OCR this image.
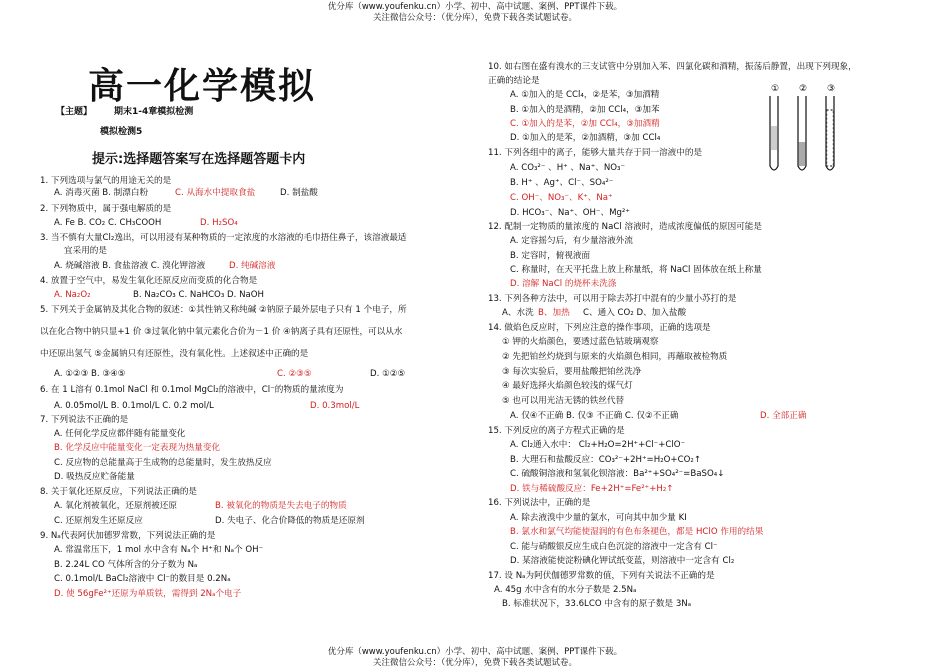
优分库（www.youfenku.cn）小学、初中、高中试题、案例、PPT课件下载。
关注微信公众号：（优分库），免费下载各类试题试卷。
高一化学模拟
【主题】 期末1-4章模拟检测
模拟检测5
提示:选择题答案写在选择题答题卡内
1. 下列选项与氯气的用途无关的是
A. 消毒灭菌 B. 制漂白粉	C. 从海水中提取食盐	D. 制盐酸
2. 下列物质中，属于强电解质的是
A. Fe B. CO₂ C. CH₃COOH	D. H₂SO₄
3. 当不慎有大量Cl₂逸出，可以用浸有某种物质的一定浓度的水溶液的毛巾捂住鼻子，该溶液最适
宜采用的是
A. 烧碱溶液 B. 食盐溶液 C. 溴化钾溶液	D. 纯碱溶液
4. 放置于空气中，易发生氧化还原反应而变质的化合物是
A. Na₂O₂	B. Na₂CO₃ C. NaHCO₃ D. NaOH
5. 下列关于金属钠及其化合物的叙述：①其性钠又称纯碱 ②钠原子最外层电子只有 1 个电子，所
以在化合物中钠只显+1 价 ③过氧化钠中氧元素化合价为－1 价 ④钠离子具有还原性，可以从水
中还原出氢气 ⑤金属钠只有还原性，没有氧化性。上述叙述中正确的是
A. ①②③ B. ③④⑤	C. ②③⑤	D. ①②⑤
6. 在 1 L溶有 0.1mol NaCl 和 0.1mol MgCl₂的溶液中，Cl⁻的物质的量浓度为
A. 0.05mol/L B. 0.1mol/L C. 0.2 mol/L	D. 0.3mol/L
7. 下列说法不正确的是
A. 任何化学反应都伴随有能量变化
B. 化学反应中能量变化一定表现为热量变化
C. 反应物的总能量高于生成物的总能量时，发生放热反应
D. 吸热反应贮备能量
8. 关于氧化还原反应，下列说法正确的是
A. 氧化剂被氧化，还原剂被还原	B. 被氧化的物质是失去电子的物质
C. 还原剂发生还原反应	D. 失电子、化合价降低的物质是还原剂
9. Nₐ代表阿伏加德罗常数，下列说法正确的是
A. 常温常压下，1 mol 水中含有 Nₐ个 H⁺和 Nₐ个 OH⁻
B. 2.24L CO 气体所含的分子数为 Nₐ
C. 0.1mol/L BaCl₂溶液中 Cl⁻的数目是 0.2Nₐ
D. 使 56gFe²⁺还原为单质铁，需得到 2Nₐ个电子
10. 如右图在盛有溴水的三支试管中分别加入苯、四氯化碳和酒精，振荡后静置，出现下列现象，
正确的结论是
A. ①加入的是 CCl₄，②是苯，③加酒精
B. ①加入的是酒精，②加 CCl₄，③加苯
C. ①加入的是苯，②加 CCl₄，③加酒精
D. ①加入的是苯，②加酒精，③加 CCl₄
11. 下列各组中的离子，能够大量共存于同一溶液中的是
A. CO₃²⁻ 、H⁺ 、Na⁺、NO₃⁻
B. H⁺ 、Ag⁺、Cl⁻、SO₄²⁻
C. OH⁻、NO₃⁻、K⁺、Na⁺
D. HCO₃⁻、Na⁺、OH⁻、Mg²⁺
12. 配制一定物质的量浓度的 NaCl 溶液时，造成浓度偏低的原因可能是
A. 定容摇匀后，有少量溶液外流
B. 定容时，俯视液面
C. 称量时，在天平托盘上放上称量纸，将 NaCl 固体放在纸上称量
D. 溶解 NaCl 的烧杯未洗涤
13. 下列各种方法中，可以用于除去苏打中混有的少量小苏打的是
A、水洗 B、加热 C、通入 CO₂ D、加入盐酸
14. 做焰色反应时，下列应注意的操作事项，正确的选项是
① 钾的火焰颜色，要透过蓝色钴玻璃观察
② 先把铂丝灼烧到与原来的火焰颜色相同，再蘸取被检物质
③ 每次实验后，要用盐酸把铂丝洗净
④ 最好选择火焰颜色较浅的煤气灯
⑤ 也可以用光洁无锈的铁丝代替
A. 仅④不正确 B. 仅③ 不正确 C. 仅②不正确	D. 全部正确
15. 下列反应的离子方程式正确的是
A. Cl₂通入水中： Cl₂+H₂O=2H⁺+Cl⁻+ClO⁻
B. 大理石和盐酸反应：CO₃²⁻+2H⁺=H₂O+CO₂↑
C. 硫酸铜溶液和氢氧化钡溶液：Ba²⁺+SO₄²⁻=BaSO₄↓
D. 铁与稀硫酸反应：Fe+2H⁺=Fe²⁺+H₂↑
16. 下列说法中，正确的是
A. 除去液溴中少量的氯水，可向其中加少量 KI
B. 氯水和氯气均能使湿润的有色布条褪色，都是 HClO 作用的结果
C. 能与硝酸银反应生成白色沉淀的溶液中一定含有 Cl⁻
D. 某溶液能使淀粉碘化钾试纸变蓝，则溶液中一定含有 Cl₂
17. 设 Nₐ为阿伏伽德罗常数的值，下列有关说法不正确的是
A. 45g 水中含有的水分子数是 2.5Nₐ
B. 标准状况下，33.6LCO 中含有的原子数是 3Nₐ
① ② ③
优分库（www.youfenku.cn）小学、初中、高中试题、案例、PPT课件下载。
关注微信公众号：（优分库），免费下载各类试题试卷。
